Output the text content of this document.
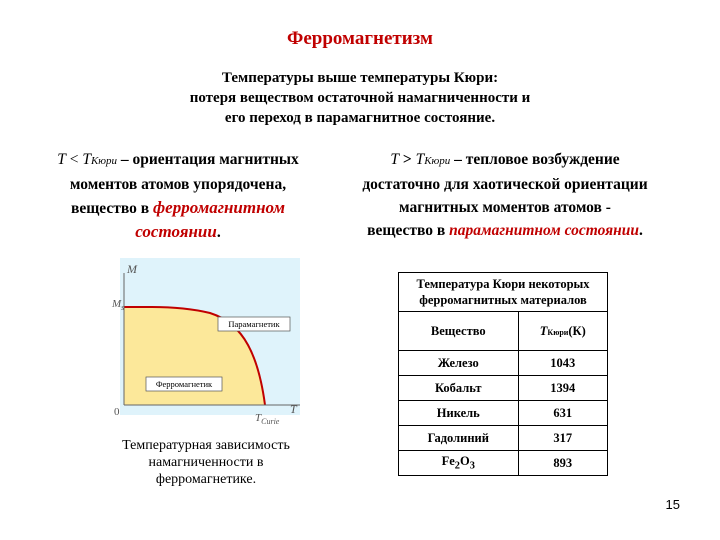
Ферромагнетизм
Температуры выше температуры Кюри:
потеря веществом остаточной намагниченности и
его переход в парамагнитное состояние.
T < TКюри – ориентация магнитных
моментов атомов упорядочена,
вещество в ферромагнитном
состоянии.
T > TКюри – тепловое возбуждение
достаточно для хаотической ориентации
магнитных моментов атомов -
вещество в парамагнитном состоянии.
M
$M_s$
0	T
$T_{Curie}$
Парамагнетик
Ферромагнетик
Температурная зависимость
намагниченности в
ферромагнетике.
Температура Кюри некоторых
ферромагнитных материалов	

Вещество	TКюри(К)
Железо	1043
Кобальт	1394
Никель	631
Гадолиний	317
$Fe_2O_3$	893
15
